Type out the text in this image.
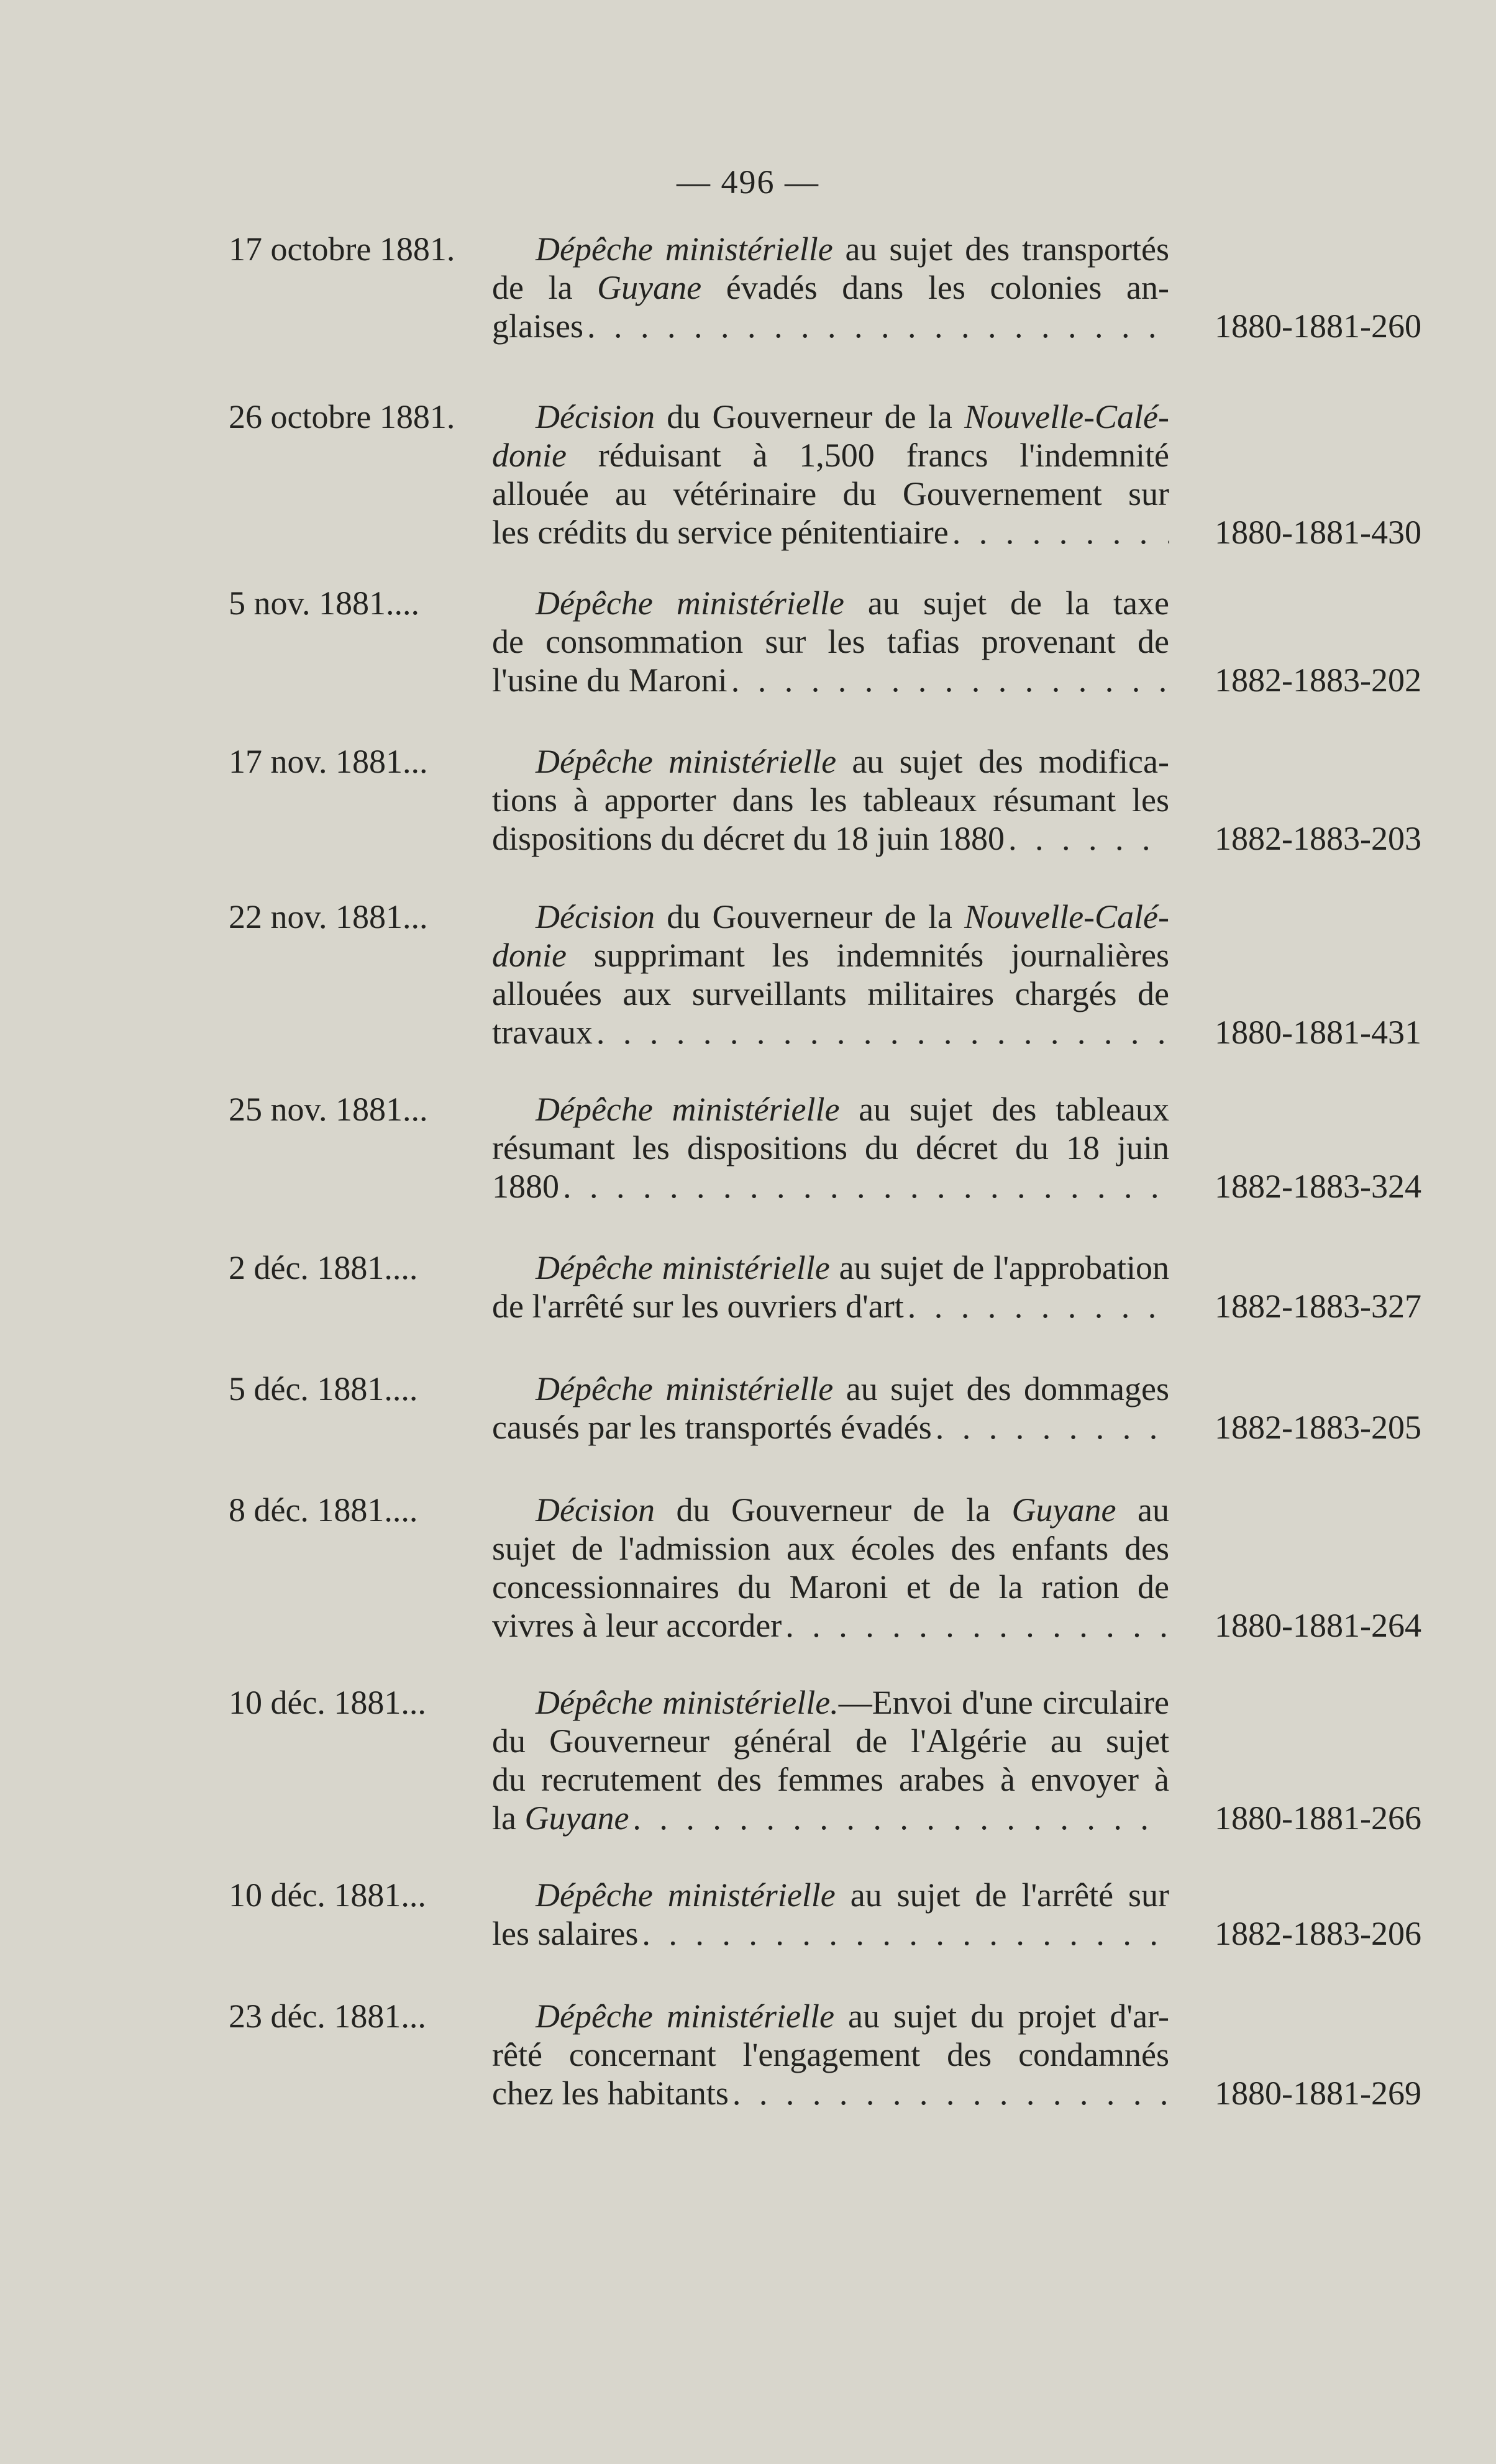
— 496 —
17 octobre 1881.	Dépêche ministérielle au sujet des transportés
de la Guyane évadés dans les colonies an-
glaises . . .	1880-1881-260
26 octobre 1881.	Décision du Gouverneur de la Nouvelle-Calé-
donie réduisant à 1,500 francs l'indemnité
allouée au vétérinaire du Gouvernement sur
les crédits du service pénitentiaire . . .	1880-1881-430
5 nov. 1881....	Dépêche ministérielle au sujet de la taxe
de consommation sur les tafias provenant de
l'usine du Maroni . . .	1882-1883-202
17 nov. 1881...	Dépêche ministérielle au sujet des modifica-
tions à apporter dans les tableaux résumant les
dispositions du décret du 18 juin 1880 . . .	1882-1883-203
22 nov. 1881...	Décision du Gouverneur de la Nouvelle-Calé-
donie supprimant les indemnités journalières
allouées aux surveillants militaires chargés de
travaux . . .	1880-1881-431
25 nov. 1881...	Dépêche ministérielle au sujet des tableaux
résumant les dispositions du décret du 18 juin
1880 . . .	1882-1883-324
2 déc. 1881....	Dépêche ministérielle au sujet de l'approbation
de l'arrêté sur les ouvriers d'art . . .	1882-1883-327
5 déc. 1881....	Dépêche ministérielle au sujet des dommages
causés par les transportés évadés . . .	1882-1883-205
8 déc. 1881....	Décision du Gouverneur de la Guyane au
sujet de l'admission aux écoles des enfants des
concessionnaires du Maroni et de la ration de
vivres à leur accorder . . .	1880-1881-264
10 déc. 1881...	Dépêche ministérielle.—Envoi d'une circulaire
du Gouverneur général de l'Algérie au sujet
du recrutement des femmes arabes à envoyer à
la Guyane . . .	1880-1881-266
10 déc. 1881...	Dépêche ministérielle au sujet de l'arrêté sur
les salaires . . .	1882-1883-206
23 déc. 1881...	Dépêche ministérielle au sujet du projet d'ar-
rêté concernant l'engagement des condamnés
chez les habitants . . .	1880-1881-269
